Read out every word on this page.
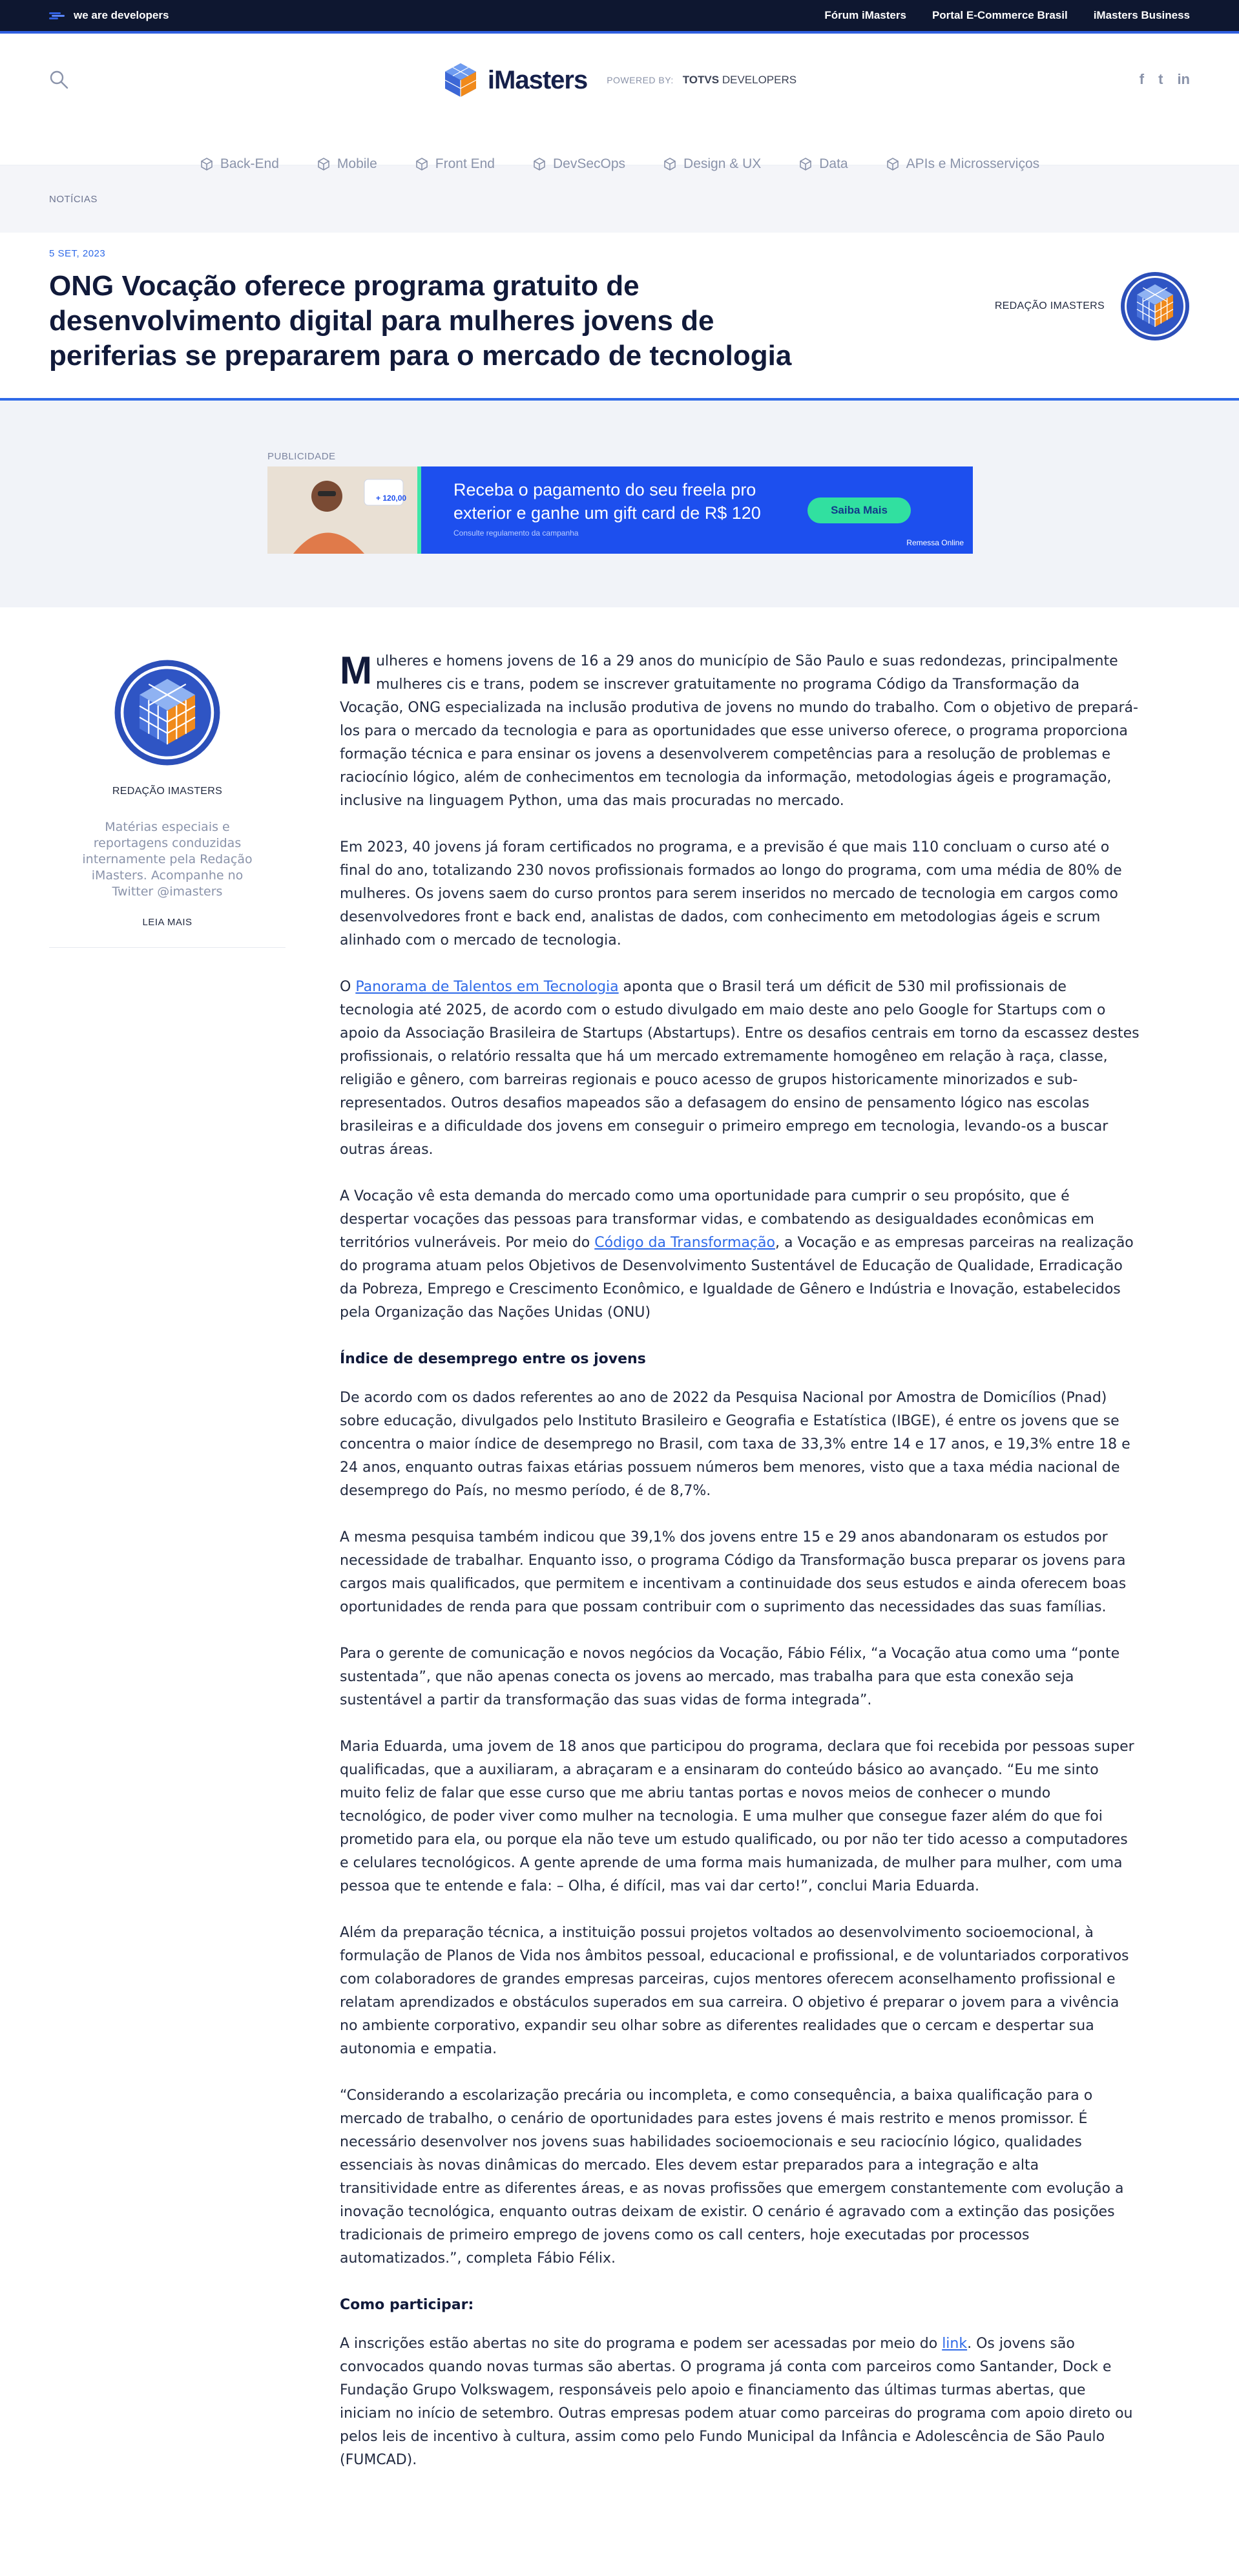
we are developers	Fórum iMasters Portal E-Commerce Brasil iMasters Business
iMasters POWERED BY: TOTVS DEVELOPERS	f t in
Back-End	Mobile	Front End	DevSecOps	Design & UX	Data	APIs e Microsserviços
NOTÍCIAS
5 SET, 2023
ONG Vocação oferece programa gratuito de desenvolvimento digital para mulheres jovens de periferias se prepararem para o mercado de tecnologia
REDAÇÃO IMASTERS
PUBLICIDADE
+ 120,00	Receba o pagamento do seu freela pro
exterior e ganhe um gift card de R$ 120
Consulte regulamento da campanha
Saiba Mais
Remessa Online
REDAÇÃO IMASTERS
Matérias especiais e reportagens conduzidas internamente pela Redação iMasters. Acompanhe no Twitter @imasters
LEIA MAIS

Mulheres e homens jovens de 16 a 29 anos do município de São Paulo e suas redondezas, principalmente mulheres cis e trans, podem se inscrever gratuitamente no programa Código da Transformação da Vocação, ONG especializada na inclusão produtiva de jovens no mundo do trabalho. Com o objetivo de prepará-los para o mercado da tecnologia e para as oportunidades que esse universo oferece, o programa proporciona formação técnica e para ensinar os jovens a desenvolverem competências para a resolução de problemas e raciocínio lógico, além de conhecimentos em tecnologia da informação, metodologias ágeis e programação, inclusive na linguagem Python, uma das mais procuradas no mercado.

Em 2023, 40 jovens já foram certificados no programa, e a previsão é que mais 110 concluam o curso até o final do ano, totalizando 230 novos profissionais formados ao longo do programa, com uma média de 80% de mulheres. Os jovens saem do curso prontos para serem inseridos no mercado de tecnologia em cargos como desenvolvedores front e back end, analistas de dados, com conhecimento em metodologias ágeis e scrum alinhado com o mercado de tecnologia.

O Panorama de Talentos em Tecnologia aponta que o Brasil terá um déficit de 530 mil profissionais de tecnologia até 2025, de acordo com o estudo divulgado em maio deste ano pelo Google for Startups com o apoio da Associação Brasileira de Startups (Abstartups). Entre os desafios centrais em torno da escassez destes profissionais, o relatório ressalta que há um mercado extremamente homogêneo em relação à raça, classe, religião e gênero, com barreiras regionais e pouco acesso de grupos historicamente minorizados e sub-representados. Outros desafios mapeados são a defasagem do ensino de pensamento lógico nas escolas brasileiras e a dificuldade dos jovens em conseguir o primeiro emprego em tecnologia, levando-os a buscar outras áreas.

A Vocação vê esta demanda do mercado como uma oportunidade para cumprir o seu propósito, que é despertar vocações das pessoas para transformar vidas, e combatendo as desigualdades econômicas em territórios vulneráveis. Por meio do Código da Transformação, a Vocação e as empresas parceiras na realização do programa atuam pelos Objetivos de Desenvolvimento Sustentável de Educação de Qualidade, Erradicação da Pobreza, Emprego e Crescimento Econômico, e Igualdade de Gênero e Indústria e Inovação, estabelecidos pela Organização das Nações Unidas (ONU)

Índice de desemprego entre os jovens

De acordo com os dados referentes ao ano de 2022 da Pesquisa Nacional por Amostra de Domicílios (Pnad) sobre educação, divulgados pelo Instituto Brasileiro e Geografia e Estatística (IBGE), é entre os jovens que se concentra o maior índice de desemprego no Brasil, com taxa de 33,3% entre 14 e 17 anos, e 19,3% entre 18 e 24 anos, enquanto outras faixas etárias possuem números bem menores, visto que a taxa média nacional de desemprego do País, no mesmo período, é de 8,7%.

A mesma pesquisa também indicou que 39,1% dos jovens entre 15 e 29 anos abandonaram os estudos por necessidade de trabalhar. Enquanto isso, o programa Código da Transformação busca preparar os jovens para cargos mais qualificados, que permitem e incentivam a continuidade dos seus estudos e ainda oferecem boas oportunidades de renda para que possam contribuir com o suprimento das necessidades das suas famílias.

Para o gerente de comunicação e novos negócios da Vocação, Fábio Félix, “a Vocação atua como uma “ponte sustentada”, que não apenas conecta os jovens ao mercado, mas trabalha para que esta conexão seja sustentável a partir da transformação das suas vidas de forma integrada”.

Maria Eduarda, uma jovem de 18 anos que participou do programa, declara que foi recebida por pessoas super qualificadas, que a auxiliaram, a abraçaram e a ensinaram do conteúdo básico ao avançado. “Eu me sinto muito feliz de falar que esse curso que me abriu tantas portas e novos meios de conhecer o mundo tecnológico, de poder viver como mulher na tecnologia. E uma mulher que consegue fazer além do que foi prometido para ela, ou porque ela não teve um estudo qualificado, ou por não ter tido acesso a computadores e celulares tecnológicos. A gente aprende de uma forma mais humanizada, de mulher para mulher, com uma pessoa que te entende e fala: – Olha, é difícil, mas vai dar certo!”, conclui Maria Eduarda.

Além da preparação técnica, a instituição possui projetos voltados ao desenvolvimento socioemocional, à formulação de Planos de Vida nos âmbitos pessoal, educacional e profissional, e de voluntariados corporativos com colaboradores de grandes empresas parceiras, cujos mentores oferecem aconselhamento profissional e relatam aprendizados e obstáculos superados em sua carreira. O objetivo é preparar o jovem para a vivência no ambiente corporativo, expandir seu olhar sobre as diferentes realidades que o cercam e despertar sua autonomia e empatia.

“Considerando a escolarização precária ou incompleta, e como consequência, a baixa qualificação para o mercado de trabalho, o cenário de oportunidades para estes jovens é mais restrito e menos promissor. É necessário desenvolver nos jovens suas habilidades socioemocionais e seu raciocínio lógico, qualidades essenciais às novas dinâmicas do mercado. Eles devem estar preparados para a integração e alta transitividade entre as diferentes áreas, e as novas profissões que emergem constantemente com evolução a inovação tecnológica, enquanto outras deixam de existir. O cenário é agravado com a extinção das posições tradicionais de primeiro emprego de jovens como os call centers, hoje executadas por processos automatizados.”, completa Fábio Félix.

Como participar:

A inscrições estão abertas no site do programa e podem ser acessadas por meio do link. Os jovens são convocados quando novas turmas são abertas. O programa já conta com parceiros como Santander, Dock e Fundação Grupo Volkswagem, responsáveis pelo apoio e financiamento das últimas turmas abertas, que iniciam no início de setembro. Outras empresas podem atuar como parceiras do programa com apoio direto ou pelos leis de incentivo à cultura, assim como pelo Fundo Municipal da Infância e Adolescência de São Paulo (FUMCAD).
